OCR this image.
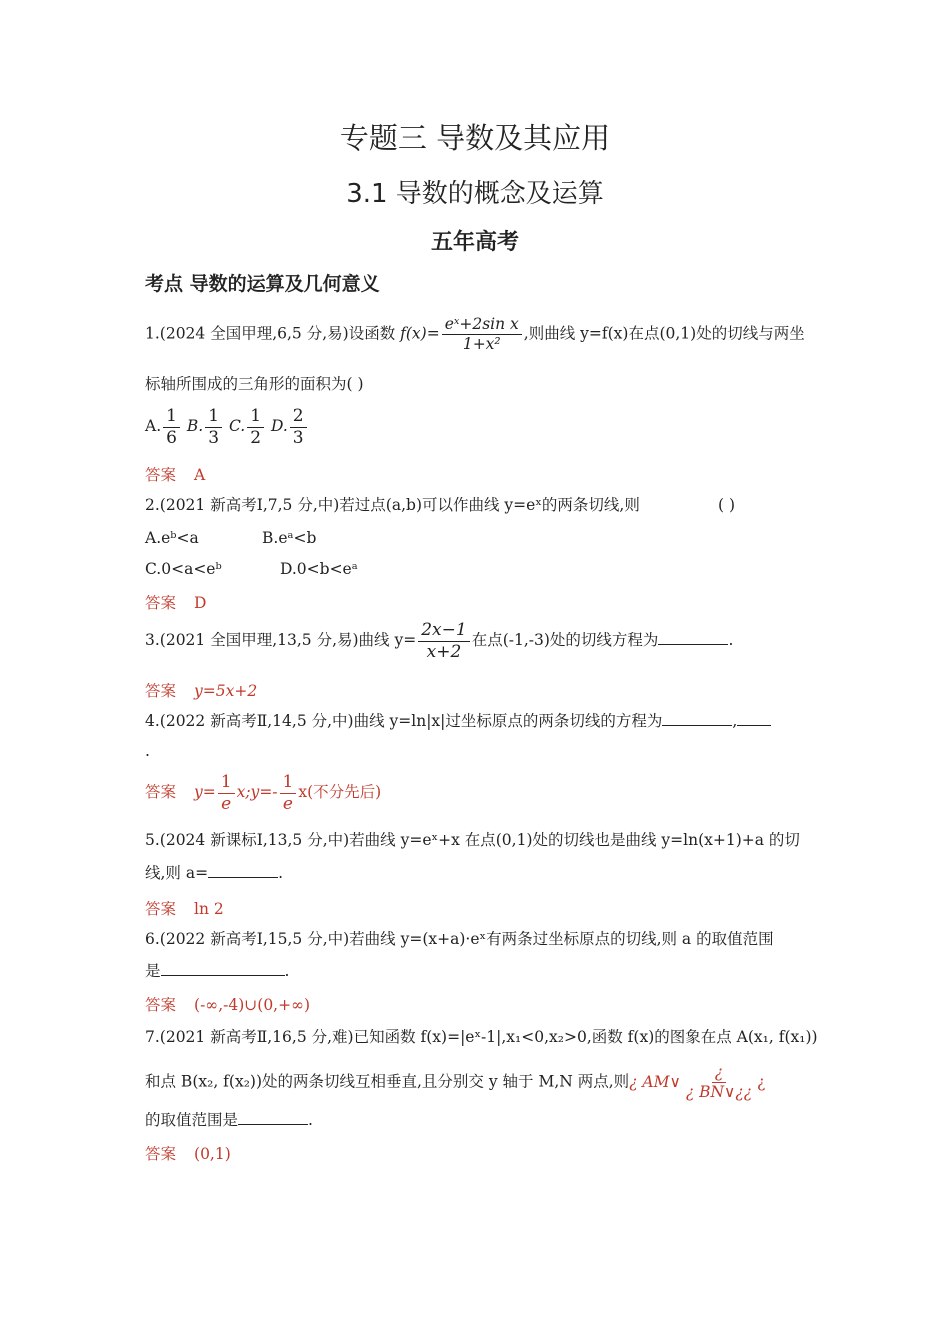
专题三 导数及其应用
3.1 导数的概念及运算
五年高考
考点 导数的运算及几何意义
1.(2024 全国甲理,6,5 分,易)设函数 $f(x)= \frac{\text{eˣ+2sin x}}{\text{1+x²}}$ ,则曲线 y=f(x)在点(0,1)处的切线与两坐
标轴所围成的三角形的面积为( )
A. $\frac{1}{6} B$. $\frac{1}{3} C$. $\frac{1}{2} D$. $\frac{2}{3}$
答案 A
2.(2021 新高考Ⅰ,7,5 分,中)若过点(a,b)可以作曲线 y=eˣ的两条切线,则	( )
A.eᵇ<a	B.eᵃ<b
C.0<a<eᵇ	D.0<b<eᵃ
答案 D
3.(2021 全国甲理,13,5 分,易)曲线 $y= \frac{2x-1}{x+2}$ 在点(-1,-3)处的切线方程为	.
答案 y=5x+2
4.(2022 新高考Ⅱ,14,5 分,中)曲线 y=ln|x|过坐标原点的两条切线的方程为	,
.
答案 $y= \frac{1}{e}$ x;y=- $\frac{1}{e} x$(不分先后)
5.(2024 新课标Ⅰ,13,5 分,中)若曲线 y=eˣ+x 在点(0,1)处的切线也是曲线 y=ln(x+1)+a 的切
线,则 a=	.
答案 ln 2
6.(2022 新高考Ⅰ,15,5 分,中)若曲线 y=(x+a)·eˣ有两条过坐标原点的切线,则 a 的取值范围
是	.
答案 (-∞,-4)∪(0,+∞)
7.(2021 新高考Ⅱ,16,5 分,难)已知函数 f(x)=|eˣ-1|,x₁<0,x₂>0,函数 f(x)的图象在点 A(x₁, f(x₁))
和点 B(x₂, f(x₂))处的两条切线互相垂直,且分别交 y 轴于 M,N 两点,则¿ AM∨ $\frac{¿}{¿ BN\vee¿¿}$ ¿
的取值范围是	.
答案 (0,1)
